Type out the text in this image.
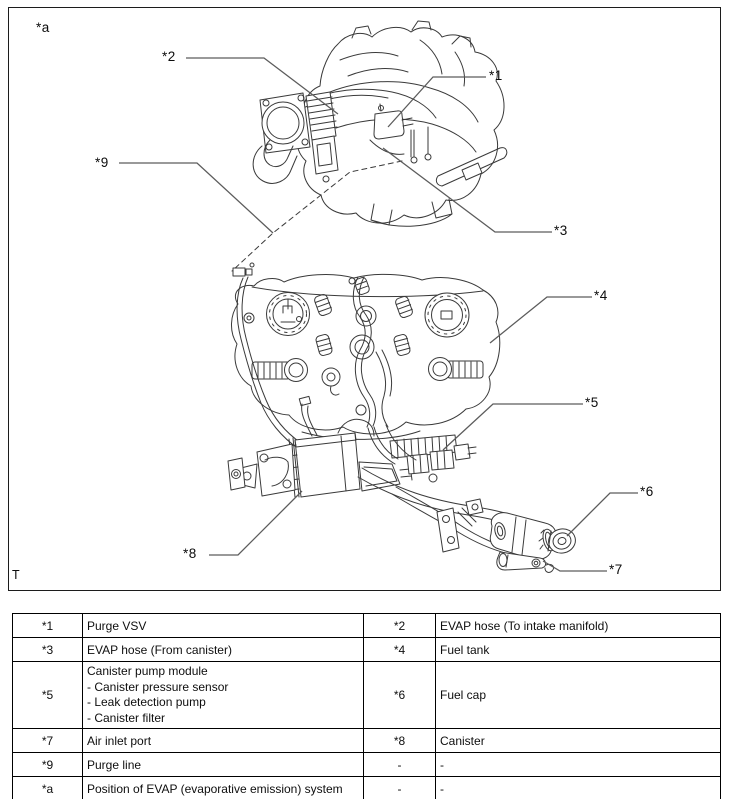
*a
*1
*2
*3
*4
*5
*6
*7
*8
*9
T
*1	Purge VSV	*2	EVAP hose (To intake manifold)
*3	EVAP hose (From canister)	*4	Fuel tank
*5	Canister pump module
- Canister pressure sensor
- Leak detection pump
- Canister filter	*6	Fuel cap
*7	Air inlet port	*8	Canister
*9	Purge line	-	-
*a	Position of EVAP (evaporative emission) system	-	-
